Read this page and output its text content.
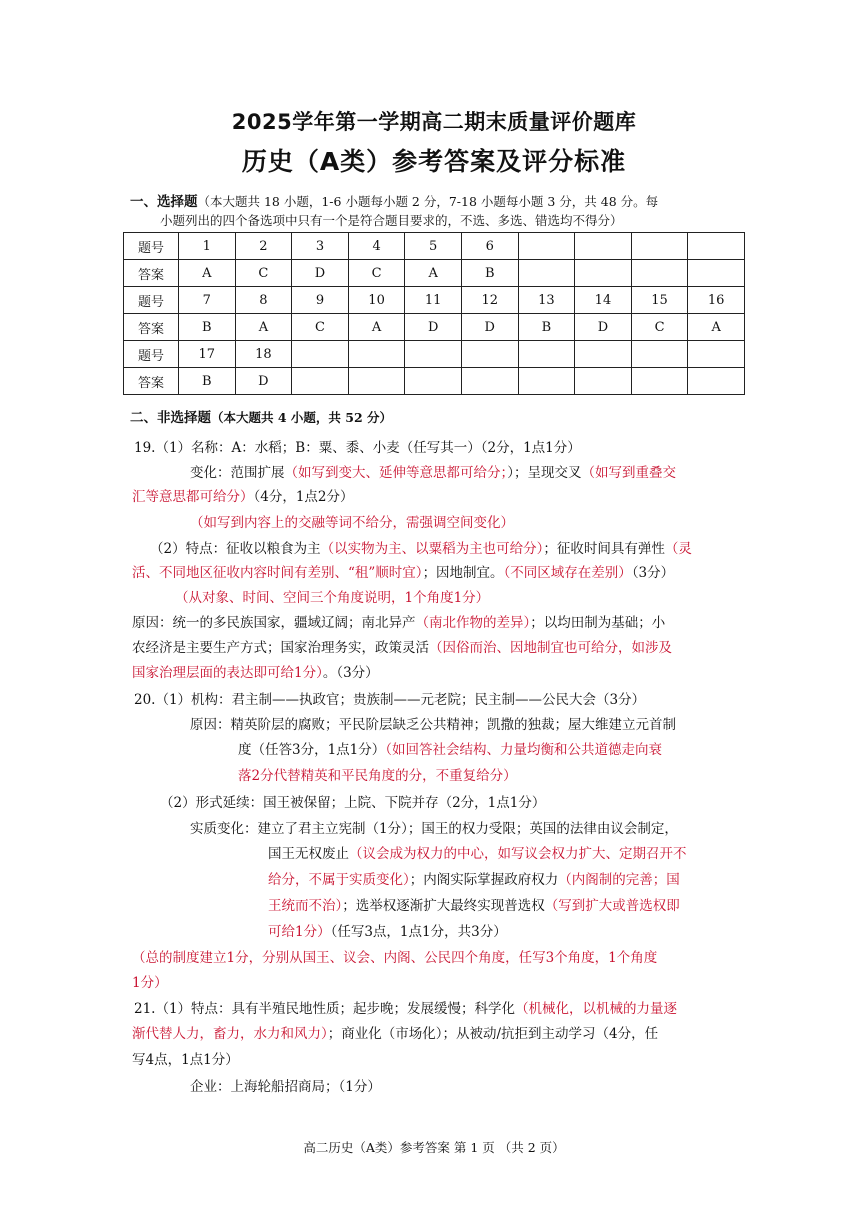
2025学年第一学期高二期末质量评价题库
历史（A类）参考答案及评分标准
一、选择题（本大题共 18 小题，1-6 小题每小题 2 分，7-18 小题每小题 3 分，共 48 分。每
小题列出的四个备选项中只有一个是符合题目要求的，不选、多选、错选均不得分）
题号	1	2	3	4	5	6				
答案	A	C	D	C	A	B				
题号	7	8	9	10	11	12	13	14	15	16
答案	B	A	C	A	D	D	B	D	C	A
题号	17	18								
答案	B	D								
二、非选择题（本大题共 4 小题，共 52 分）
19.（1）名称：A：水稻；B：粟、黍、小麦（任写其一）（2分，1点1分）
变化：范围扩展（如写到变大、延伸等意思都可给分；）；呈现交叉（如写到重叠交
汇等意思都可给分）（4分，1点2分）
（如写到内容上的交融等词不给分，需强调空间变化）
（2）特点：征收以粮食为主（以实物为主、以粟稻为主也可给分）；征收时间具有弹性（灵
活、不同地区征收内容时间有差别、“租”顺时宜）；因地制宜。（不同区域存在差别）（3分）
（从对象、时间、空间三个角度说明，1个角度1分）
原因：统一的多民族国家，疆域辽阔；南北异产（南北作物的差异）；以均田制为基础；小
农经济是主要生产方式；国家治理务实，政策灵活（因俗而治、因地制宜也可给分，如涉及
国家治理层面的表达即可给1分）。（3分）
20.（1）机构：君主制——执政官；贵族制——元老院；民主制——公民大会（3分）
原因：精英阶层的腐败；平民阶层缺乏公共精神；凯撒的独裁；屋大维建立元首制
度（任答3分，1点1分）（如回答社会结构、力量均衡和公共道德走向衰
落2分代替精英和平民角度的分，不重复给分）
（2）形式延续：国王被保留；上院、下院并存（2分，1点1分）
实质变化：建立了君主立宪制（1分）；国王的权力受限；英国的法律由议会制定，
国王无权废止（议会成为权力的中心，如写议会权力扩大、定期召开不
给分，不属于实质变化）；内阁实际掌握政府权力（内阁制的完善；国
王统而不治）；选举权逐渐扩大最终实现普选权（写到扩大或普选权即
可给1分）（任写3点，1点1分，共3分）
（总的制度建立1分，分别从国王、议会、内阁、公民四个角度，任写3个角度，1个角度
1分）
21.（1）特点：具有半殖民地性质；起步晚；发展缓慢；科学化（机械化，以机械的力量逐
渐代替人力，畜力，水力和风力）；商业化（市场化）；从被动/抗拒到主动学习（4分，任
写4点，1点1分）
企业：上海轮船招商局；（1分）
高二历史（A类）参考答案 第 1 页 （共 2 页）
